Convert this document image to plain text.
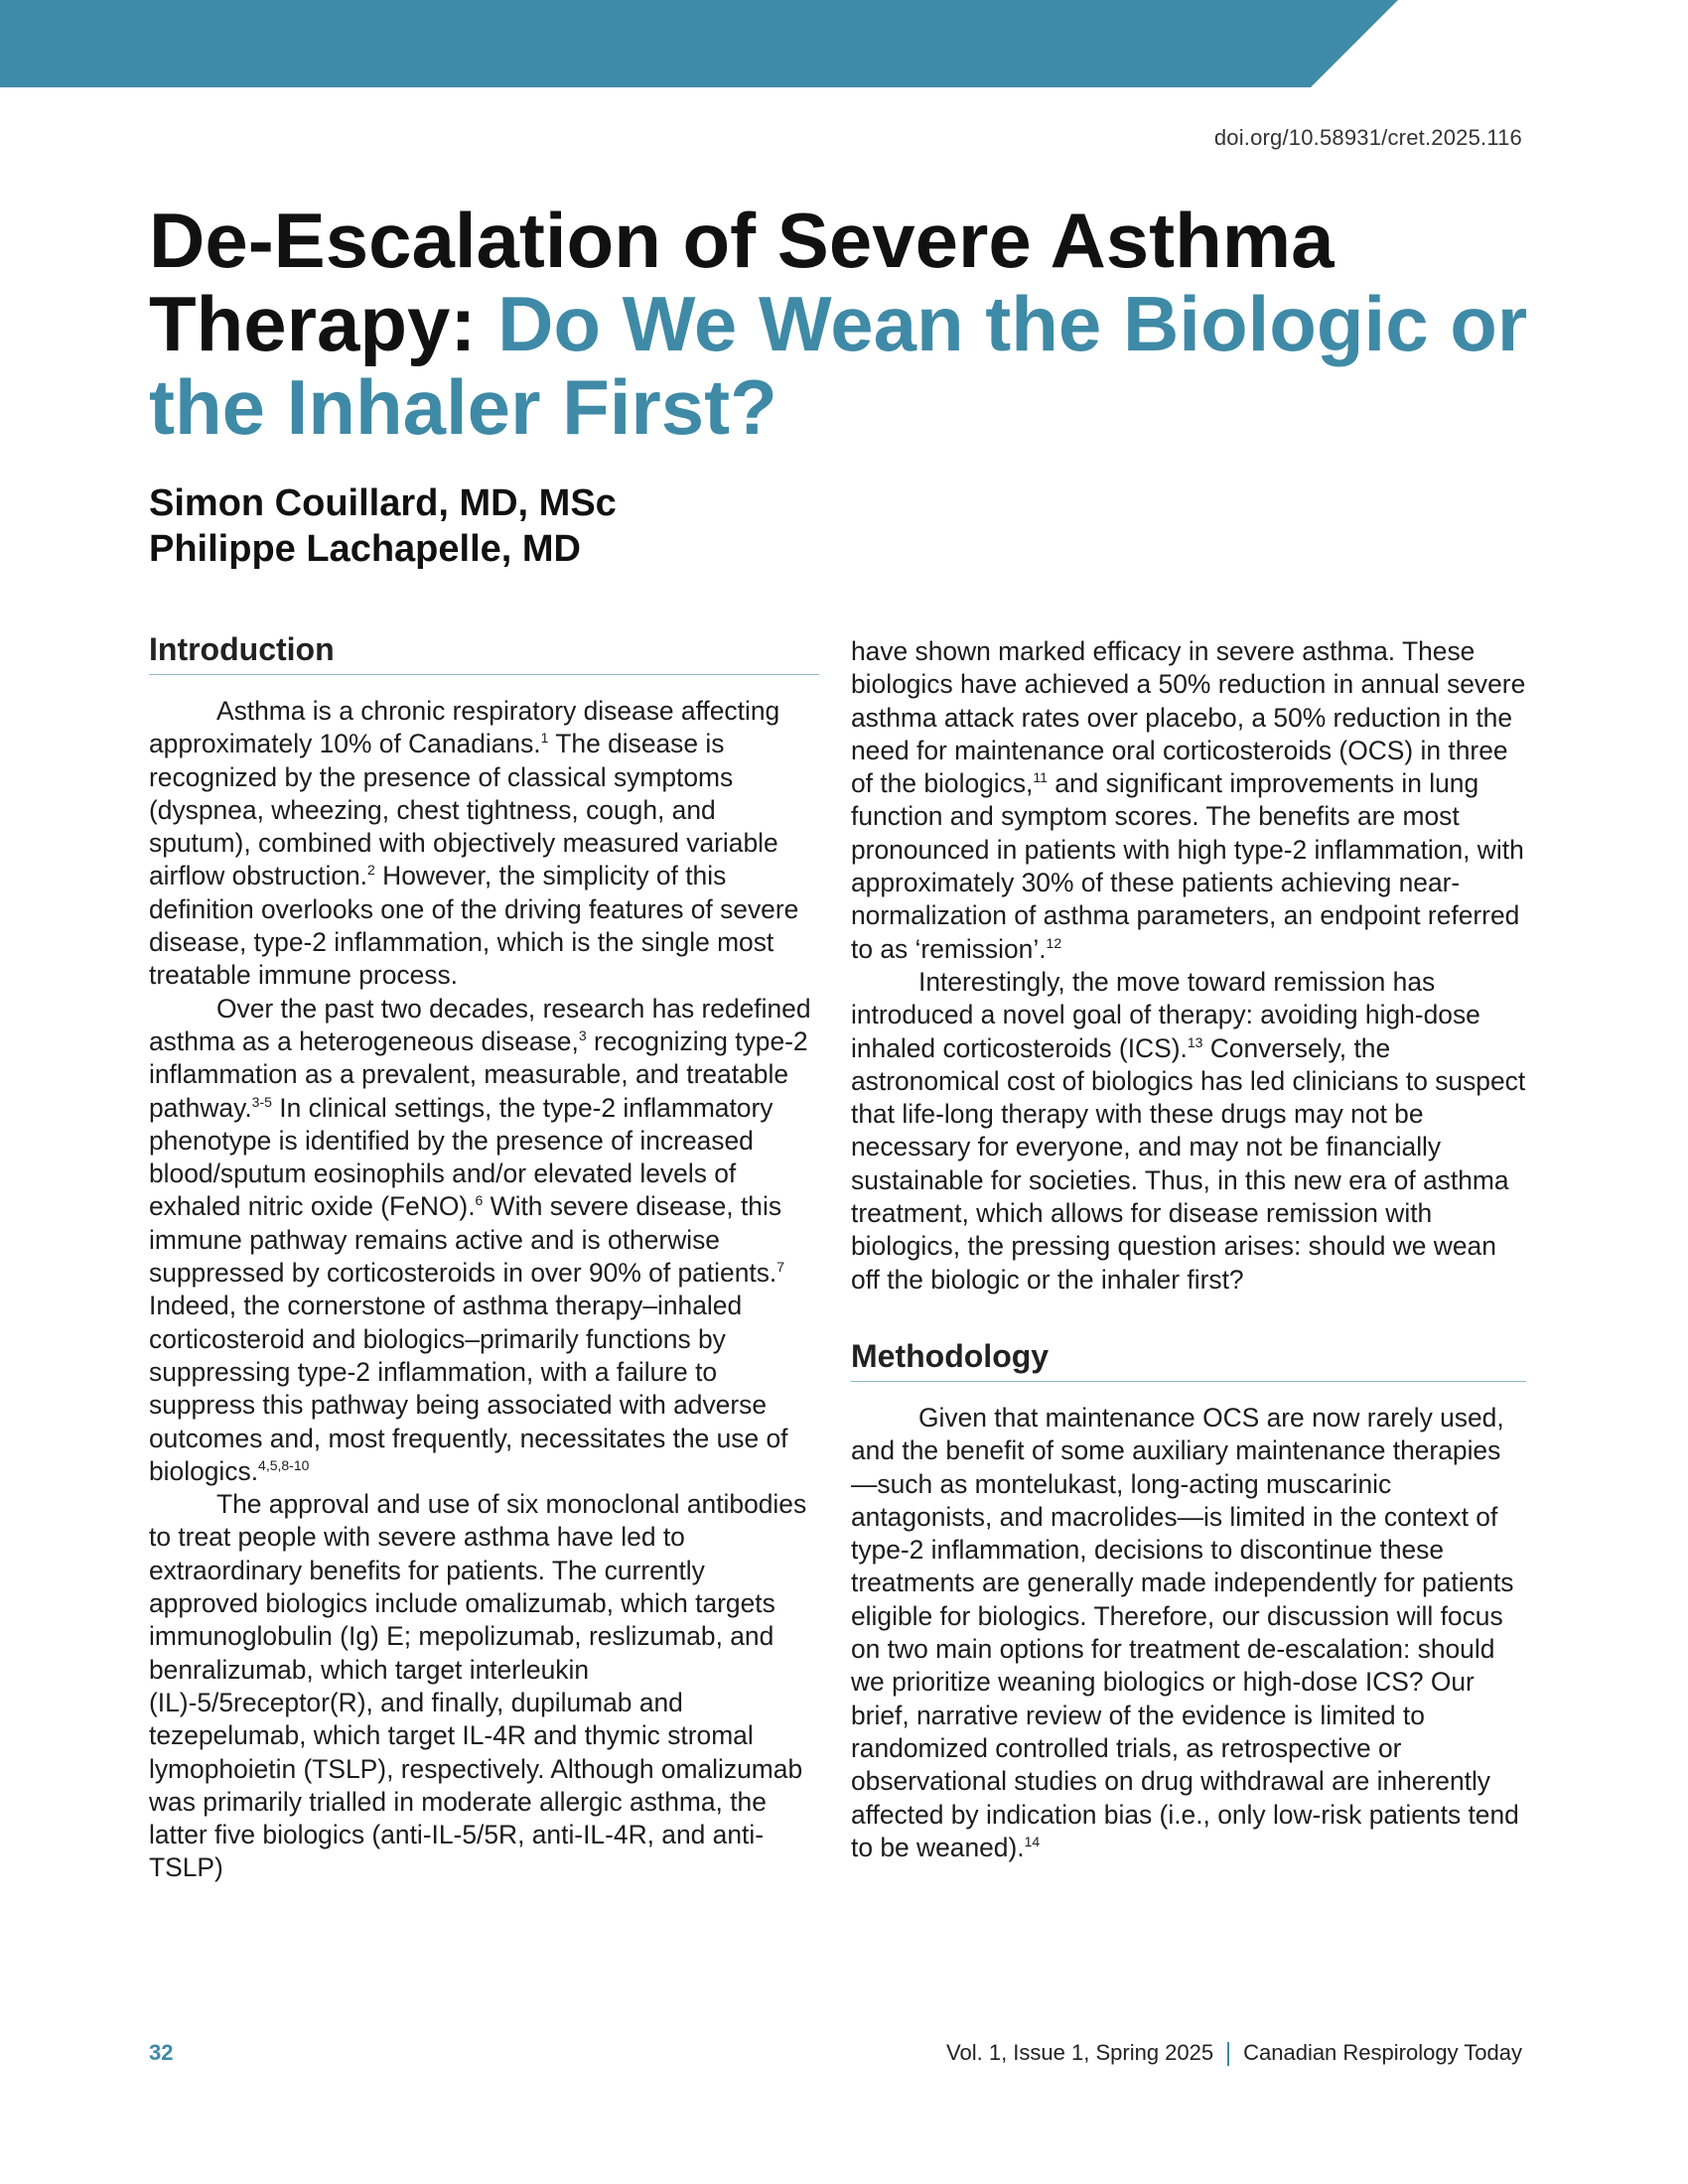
doi.org/10.58931/cret.2025.116
De-Escalation of Severe Asthma Therapy: Do We Wean the Biologic or the Inhaler First?
Simon Couillard, MD, MSc
Philippe Lachapelle, MD
Introduction

Asthma is a chronic respiratory disease affecting approximately 10% of Canadians.$^1$ The disease is recognized by the presence of classical symptoms (dyspnea, wheezing, chest tightness, cough, and sputum), combined with objectively measured variable airflow obstruction.$^2$ However, the simplicity of this definition overlooks one of the driving features of severe disease, type-2 inflammation, which is the single most treatable immune process.

Over the past two decades, research has redefined asthma as a heterogeneous disease,$^3$ recognizing type-2 inflammation as a prevalent, measurable, and treatable pathway.$^{3-5}$ In clinical settings, the type-2 inflammatory phenotype is identified by the presence of increased blood/sputum eosinophils and/or elevated levels of exhaled nitric oxide (FeNO).$^6$ With severe disease, this immune pathway remains active and is otherwise suppressed by corticosteroids in over 90% of patients.$^7$ Indeed, the cornerstone of asthma therapy–inhaled corticosteroid and biologics–primarily functions by suppressing type-2 inflammation, with a failure to suppress this pathway being associated with adverse outcomes and, most frequently, necessitates the use of biologics.$^{4,5,8-10}$

The approval and use of six monoclonal antibodies to treat people with severe asthma have led to extraordinary benefits for patients. The currently approved biologics include omalizumab, which targets immunoglobulin (Ig) E; mepolizumab, reslizumab, and benralizumab, which target interleukin (IL)-5/5receptor(R), and finally, dupilumab and tezepelumab, which target IL-4R and thymic stromal lymophoietin (TSLP), respectively. Although omalizumab was primarily trialled in moderate allergic asthma, the latter five biologics (anti-IL-5/5R, anti-IL-4R, and anti-TSLP)

have shown marked efficacy in severe asthma. These biologics have achieved a 50% reduction in annual severe asthma attack rates over placebo, a 50% reduction in the need for maintenance oral corticosteroids (OCS) in three of the biologics,$^{11}$ and significant improvements in lung function and symptom scores. The benefits are most pronounced in patients with high type-2 inflammation, with approximately 30% of these patients achieving near-normalization of asthma parameters, an endpoint referred to as ‘remission’.$^{12}$

Interestingly, the move toward remission has introduced a novel goal of therapy: avoiding high-dose inhaled corticosteroids (ICS).$^{13}$ Conversely, the astronomical cost of biologics has led clinicians to suspect that life-long therapy with these drugs may not be necessary for everyone, and may not be financially sustainable for societies. Thus, in this new era of asthma treatment, which allows for disease remission with biologics, the pressing question arises: should we wean off the biologic or the inhaler first?

Methodology

Given that maintenance OCS are now rarely used, and the benefit of some auxiliary maintenance therapies—such as montelukast, long-acting muscarinic antagonists, and macrolides—is limited in the context of type-2 inflammation, decisions to discontinue these treatments are generally made independently for patients eligible for biologics. Therefore, our discussion will focus on two main options for treatment de-escalation: should we prioritize weaning biologics or high-dose ICS? Our brief, narrative review of the evidence is limited to randomized controlled trials, as retrospective or observational studies on drug withdrawal are inherently affected by indication bias (i.e., only low-risk patients tend to be weaned).$^{14}$

32	Vol. 1, Issue 1, Spring 2025 Canadian Respirology Today
